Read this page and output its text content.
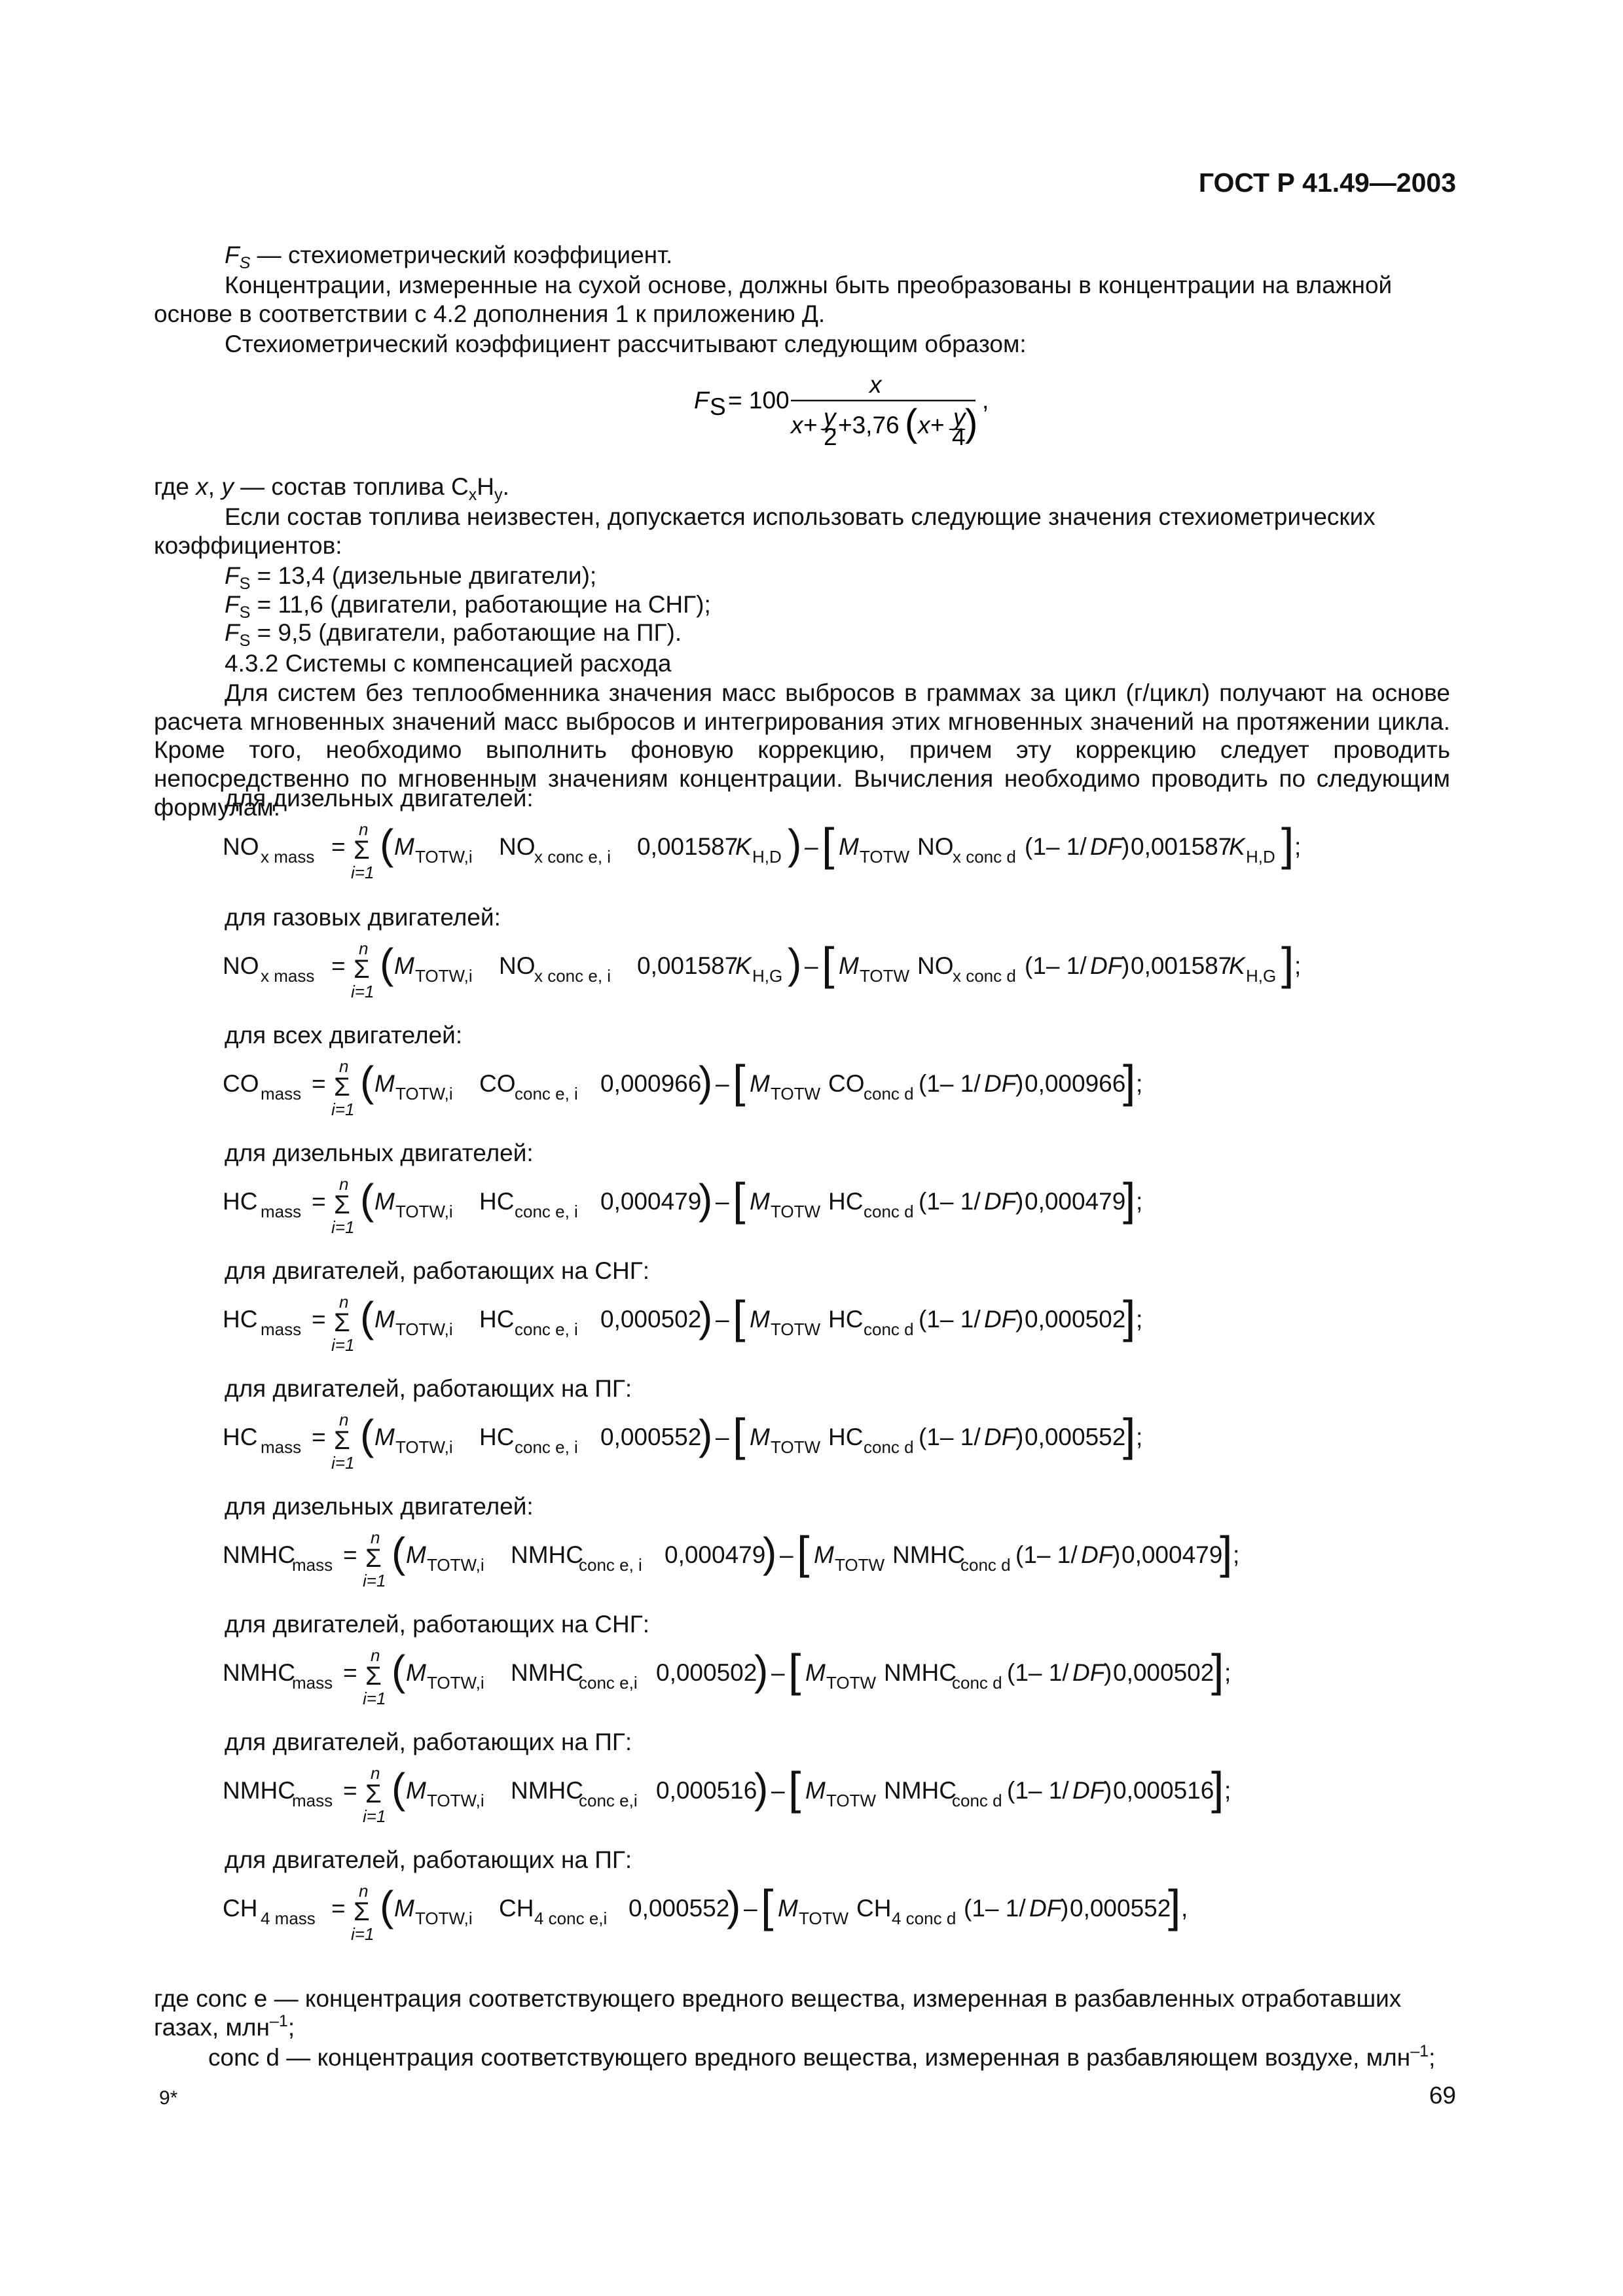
ГОСТ Р 41.49—2003
$F_S$ — стехиометрический коэффициент.
Концентрации, измеренные на сухой основе, должны быть преобразованы в концентрации на влажной основе в соответствии с 4.2 дополнения 1 к приложению Д.
Стехиометрический коэффициент рассчитывают следующим образом:
F S = 100
x
x+ y
2 +3,76 ( x+ y
4 )
,
где x, y — состав топлива $С_xН_y$.
Если состав топлива неизвестен, допускается использовать следующие значения стехиометрических коэффициентов:
$F_S = 13,4$ (дизельные двигатели);
$F_S = 11,6$ (двигатели, работающие на СНГ);
$F_S = 9,5$ (двигатели, работающие на ПГ).
4.3.2 Системы с компенсацией расхода
Для систем без теплообменника значения масс выбросов в граммах за цикл (г/цикл) получают на основе расчета мгновенных значений масс выбросов и интегрирования этих мгновенных значений на протяжении цикла. Кроме того, необходимо выполнить фоновую коррекцию, причем эту коррекцию следует проводить непосредственно по мгновенным значениям концентрации. Вычисления необходимо проводить по следующим формулам:
для дизельных двигателей:
NO x mass =
n
Σ
i=1
( M TOTW,i NO
x conc e, i 0,001587
K H,D ) – [ M TOTW NO
x conc d (1– 1/ DF
) 0,001587
K H,D ] ;
для газовых двигателей:
NO x mass =
n
Σ
i=1
( M TOTW,i NO
x conc e, i 0,001587
K H,G ) – [ M TOTW NO
x conc d (1– 1/ DF
) 0,001587
K H,G ] ;
для всех двигателей:
CO mass =
n
Σ
i=1
( M TOTW,i CO
conc e, i 0,000966
) – [ M TOTW CO
conc d (1– 1/ DF
) 0,000966
] ;
для дизельных двигателей:
HC mass =
n
Σ
i=1
( M TOTW,i HC conc e, i 0,000479
) – [ M TOTW HC conc d (1– 1/ DF
) 0,000479
] ;
для двигателей, работающих на СНГ:
HC mass =
n
Σ
i=1
( M TOTW,i HC conc e, i 0,000502
) – [ M TOTW HC conc d (1– 1/ DF
) 0,000502
] ;
для двигателей, работающих на ПГ:
HC mass =
n
Σ
i=1
( M TOTW,i HC conc e, i 0,000552
) – [ M TOTW HC conc d (1– 1/ DF
) 0,000552
] ;
для дизельных двигателей:
NMHC
mass =
n
Σ
i=1
( M TOTW,i NMHC
conc e, i 0,000479
) – [ M TOTW NMHC
conc d (1– 1/ DF
) 0,000479
] ;
для двигателей, работающих на СНГ:
NMHC
mass =
n
Σ
i=1
( M TOTW,i NMHC
conc e,i 0,000502
) – [ M TOTW NMHC
conc d (1– 1/ DF
) 0,000502
] ;
для двигателей, работающих на ПГ:
NMHC
mass =
n
Σ
i=1
( M TOTW,i NMHC
conc e,i 0,000516
) – [ M TOTW NMHC
conc d (1– 1/ DF
) 0,000516
] ;
для двигателей, работающих на ПГ:
CH 4 mass =
n
Σ
i=1
( M TOTW,i CH 4 conc e,i 0,000552
) – [ M TOTW CH 4 conc d (1– 1/ DF
) 0,000552
] ,
где conc e — концентрация соответствующего вредного вещества, измеренная в разбавленных отработавших газах, млн$^{-1}$;
conc d — концентрация соответствующего вредного вещества, измеренная в разбавляющем воздухе, млн$^{-1}$;
9*	69
